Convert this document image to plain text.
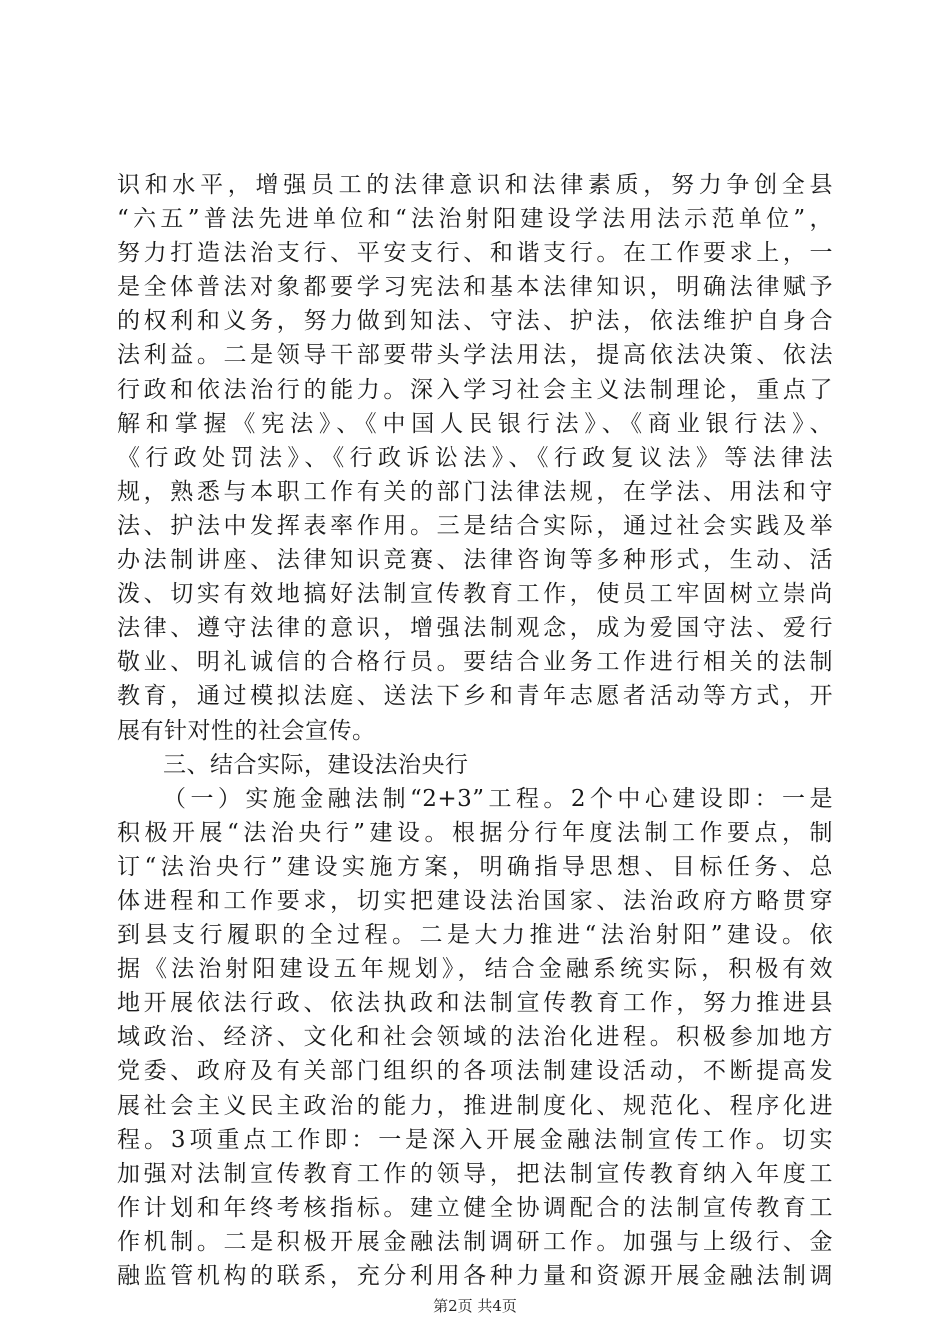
识和水平，增强员工的法律意识和法律素质，努力争创全县
“六五”普法先进单位和“法治射阳建设学法用法示范单位”，
努力打造法治支行、平安支行、和谐支行。在工作要求上，一
是全体普法对象都要学习宪法和基本法律知识，明确法律赋予
的权利和义务，努力做到知法、守法、护法，依法维护自身合
法利益。二是领导干部要带头学法用法，提高依法决策、依法
行政和依法治行的能力。深入学习社会主义法制理论，重点了
解和掌握《宪法》、《中国人民银行法》、《商业银行法》、
《行政处罚法》、《行政诉讼法》、《行政复议法》等法律法
规，熟悉与本职工作有关的部门法律法规，在学法、用法和守
法、护法中发挥表率作用。三是结合实际，通过社会实践及举
办法制讲座、法律知识竞赛、法律咨询等多种形式，生动、活
泼、切实有效地搞好法制宣传教育工作，使员工牢固树立崇尚
法律、遵守法律的意识，增强法制观念，成为爱国守法、爱行
敬业、明礼诚信的合格行员。要结合业务工作进行相关的法制
教育，通过模拟法庭、送法下乡和青年志愿者活动等方式，开
展有针对性的社会宣传。
三、结合实际，建设法治央行
（一）实施金融法制“2+3”工程。2个中心建设即：一是
积极开展“法治央行”建设。根据分行年度法制工作要点，制
订“法治央行”建设实施方案，明确指导思想、目标任务、总
体进程和工作要求，切实把建设法治国家、法治政府方略贯穿
到县支行履职的全过程。二是大力推进“法治射阳”建设。依
据《法治射阳建设五年规划》，结合金融系统实际，积极有效
地开展依法行政、依法执政和法制宣传教育工作，努力推进县
域政治、经济、文化和社会领域的法治化进程。积极参加地方
党委、政府及有关部门组织的各项法制建设活动，不断提高发
展社会主义民主政治的能力，推进制度化、规范化、程序化进
程。3项重点工作即：一是深入开展金融法制宣传工作。切实
加强对法制宣传教育工作的领导，把法制宣传教育纳入年度工
作计划和年终考核指标。建立健全协调配合的法制宣传教育工
作机制。二是积极开展金融法制调研工作。加强与上级行、金
融监管机构的联系，充分利用各种力量和资源开展金融法制调
第2页 共4页
